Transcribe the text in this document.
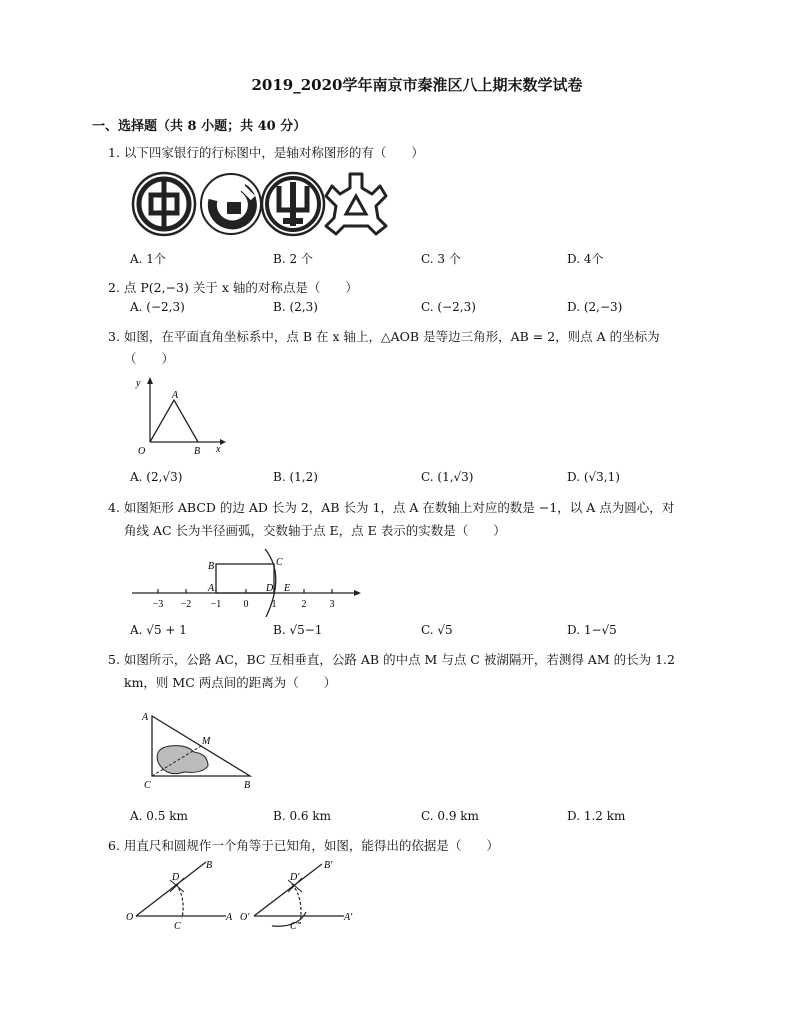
2019_2020学年南京市秦淮区八上期末数学试卷
一、选择题（共 8 小题；共 40 分）
1. 以下四家银行的行标图中，是轴对称图形的有（　　）
A. 1个	B. 2 个	C. 3 个	D. 4个
2. 点 P(2,−3) 关于 x 轴的对称点是（　　）
A. (−2,3)	B. (2,3)	C. (−2,3)	D. (2,−3)
3. 如图，在平面直角坐标系中，点 B 在 x 轴上，△AOB 是等边三角形，AB = 2，则点 A 的坐标为
（　　）
y
A
O	B x
A. (2,√3)	B. (1,2)	C. (1,√3)	D. (√3,1)
4. 如图矩形 ABCD 的边 AD 长为 2，AB 长为 1，点 A 在数轴上对应的数是 −1，以 A 点为圆心，对
角线 AC 长为半径画弧，交数轴于点 E，点 E 表示的实数是（　　）
B
A	D
C
E
−3 −2 −1 0 1	2 3
A. √5 + 1	B. √5−1	C. √5	D. 1−√5
5. 如图所示，公路 AC，BC 互相垂直，公路 AB 的中点 M 与点 C 被湖隔开，若测得 AM 的长为 1.2
km，则 MC 两点间的距离为（　　）
A
M
C	B
A. 0.5 km	B. 0.6 km	C. 0.9 km	D. 1.2 km
6. 用直尺和圆规作一个角等于已知角，如图，能得出的依据是（　　）
O
D
B
C
A O′
D′
B′
C′
A′
